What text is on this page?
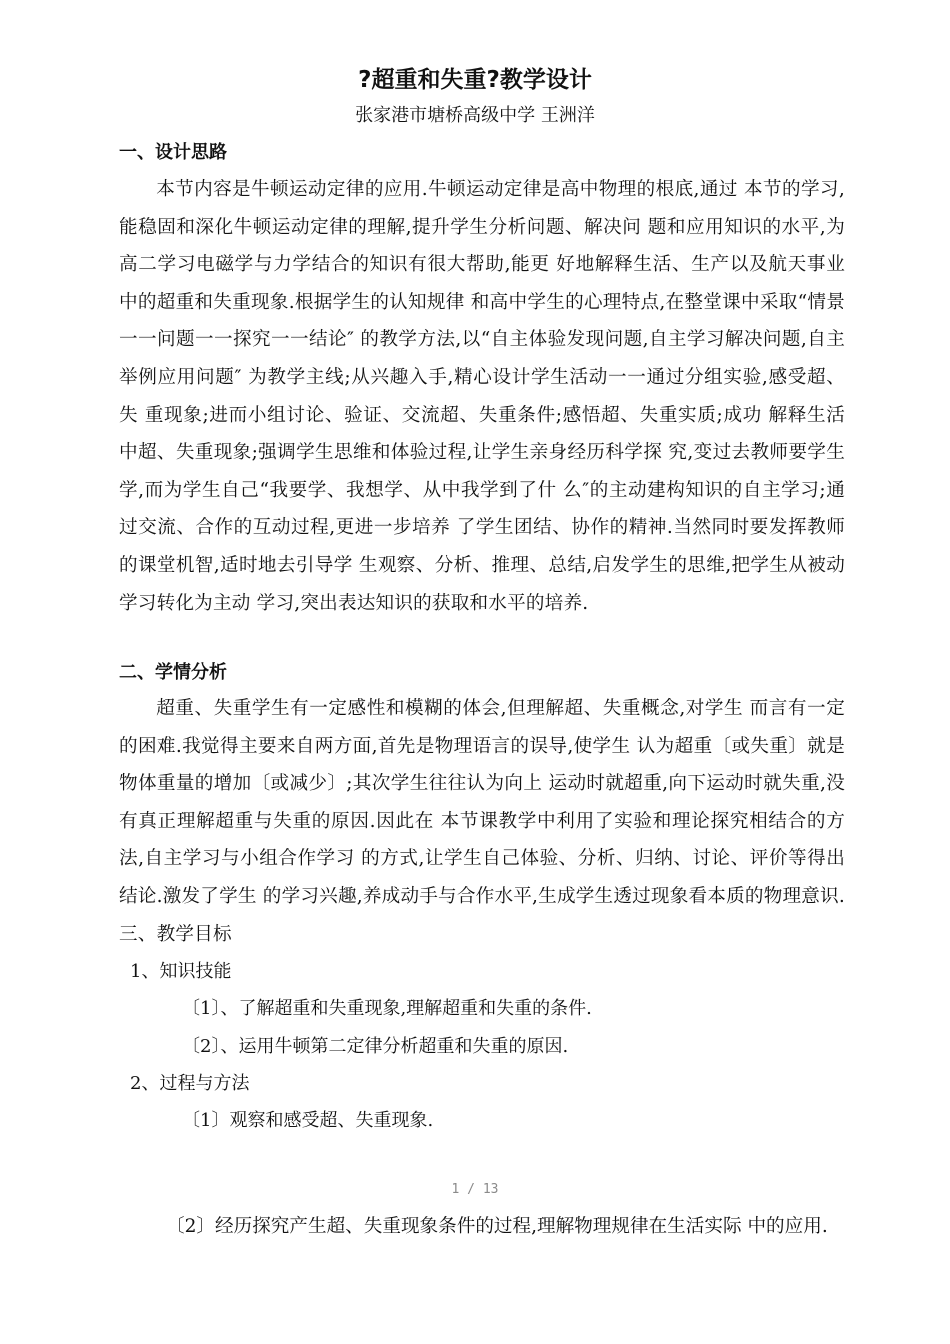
?超重和失重?教学设计
张家港市塘桥高级中学 王洲洋
一、设计思路

本节内容是牛顿运动定律的应用.牛顿运动定律是高中物理的根底,通过 本节的学习,能稳固和深化牛顿运动定律的理解,提升学生分析问题、解决问 题和应用知识的水平,为高二学习电磁学与力学结合的知识有很大帮助,能更 好地解释生活、生产以及航天事业中的超重和失重现象.根据学生的认知规律 和高中学生的心理特点,在整堂课中采取“情景一一问题一一探究一一结论″ 的教学方法,以“自主体验发现问题,自主学习解决问题,自主举例应用问题″ 为教学主线;从兴趣入手,精心设计学生活动一一通过分组实验,感受超、失 重现象;进而小组讨论、验证、交流超、失重条件;感悟超、失重实质;成功 解释生活中超、失重现象;强调学生思维和体验过程,让学生亲身经历科学探 究,变过去教师要学生学,而为学生自己“我要学、我想学、从中我学到了什 么″的主动建构知识的自主学习;通过交流、合作的互动过程,更进一步培养 了学生团结、协作的精神.当然同时要发挥教师的课堂机智,适时地去引导学 生观察、分析、推理、总结,启发学生的思维,把学生从被动学习转化为主动 学习,突出表达知识的获取和水平的培养.

二、学情分析

超重、失重学生有一定感性和模糊的体会,但理解超、失重概念,对学生 而言有一定的困难.我觉得主要来自两方面,首先是物理语言的误导,使学生 认为超重〔或失重〕就是物体重量的增加〔或减少〕;其次学生往往认为向上 运动时就超重,向下运动时就失重,没有真正理解超重与失重的原因.因此在 本节课教学中利用了实验和理论探究相结合的方法,自主学习与小组合作学习 的方式,让学生自己体验、分析、归纳、讨论、评价等得出结论.激发了学生 的学习兴趣,养成动手与合作水平,生成学生透过现象看本质的物理意识. 三、教学目标

1、知识技能
〔1〕、了解超重和失重现象,理解超重和失重的条件.
〔2〕、运用牛顿第二定律分析超重和失重的原因.
2、过程与方法
〔1〕观察和感受超、失重现象.
1 / 13

〔2〕经历探究产生超、失重现象条件的过程,理解物理规律在生活实际 中的应用.
